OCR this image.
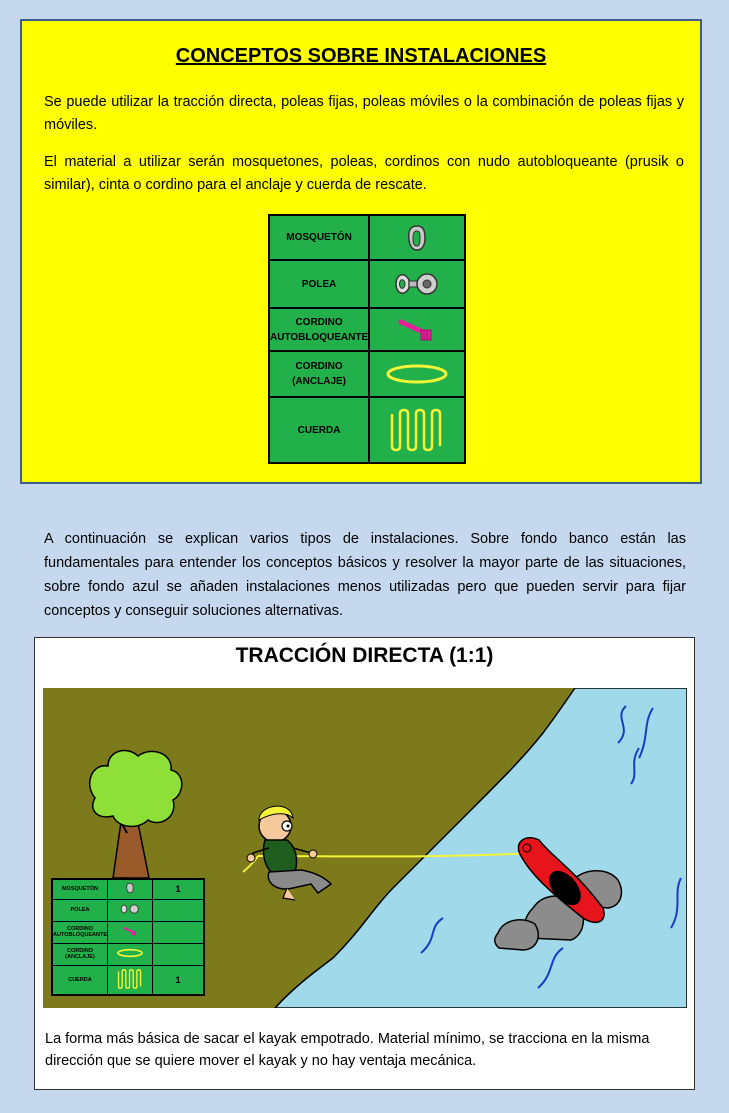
CONCEPTOS SOBRE INSTALACIONES
Se puede utilizar la tracción directa, poleas fijas, poleas móviles o la combinación de poleas fijas y móviles.
El material a utilizar serán mosquetones, poleas, cordinos con nudo autobloqueante (prusik o similar), cinta o cordino para el anclaje y cuerda de rescate.
MOSQUETÓN	

POLEA	

CORDINO AUTOBLOQUEANTE	

CORDINO (ANCLAJE)	

CUERDA	
A continuación se explican varios tipos de instalaciones. Sobre fondo banco están las fundamentales para entender los conceptos básicos y resolver la mayor parte de las situaciones, sobre fondo azul se añaden instalaciones menos utilizadas pero que pueden servir para fijar conceptos y conseguir soluciones alternativas.
TRACCIÓN DIRECTA (1:1)
MOSQUETÓN		1
POLEA		
CORDINO AUTOBLOQUEANTE		
CORDINO (ANCLAJE)		
CUERDA		1
La forma más básica de sacar el kayak empotrado. Material mínimo, se tracciona en la misma dirección que se quiere mover el kayak y no hay ventaja mecánica.
